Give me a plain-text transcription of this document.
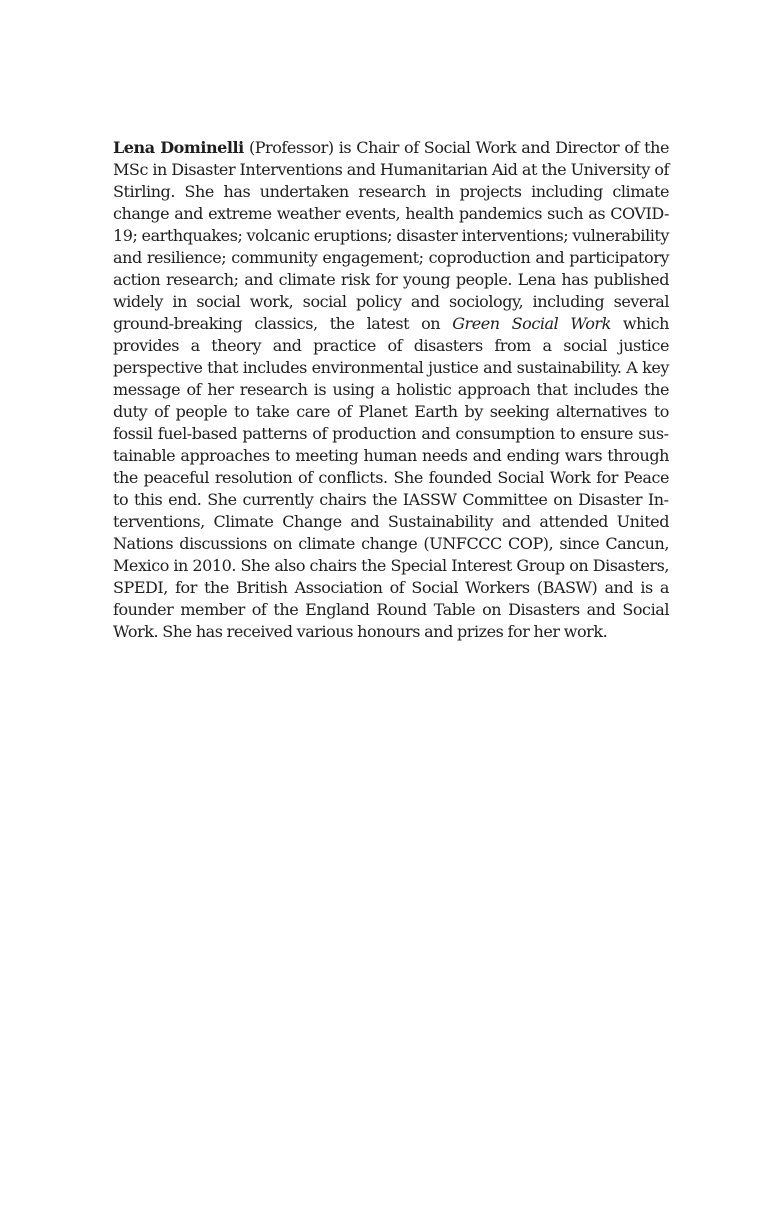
Lena Dominelli (Professor) is Chair of Social Work and Director of the MSc in Disaster Interventions and Humanitarian Aid at the University of Stirling. She has undertaken research in projects including climate change and extreme weather events, health pandemics such as COVID-19; earthquakes; volcanic eruptions; disaster interventions; vulnerability and resilience; community engagement; coproduction and participatory action research; and climate risk for young people. Lena has published widely in social work, social policy and sociology, including several ground-breaking classics, the latest on Green Social Work which provides a theory and practice of disasters from a social justice perspective that includes environmental justice and sustainability. A key message of her research is using a holistic approach that includes the duty of people to take care of Planet Earth by seeking alternatives to fossil fuel-based patterns of production and consumption to ensure sustainable approaches to meeting human needs and ending wars through the peaceful resolution of conflicts. She founded Social Work for Peace to this end. She currently chairs the IASSW Committee on Disaster Interventions, Climate Change and Sustainability and attended United Nations discussions on climate change (UNFCCC COP), since Cancun, Mexico in 2010. She also chairs the Special Interest Group on Disasters, SPEDI, for the British Association of Social Workers (BASW) and is a founder member of the England Round Table on Disasters and Social Work. She has received various honours and prizes for her work.
